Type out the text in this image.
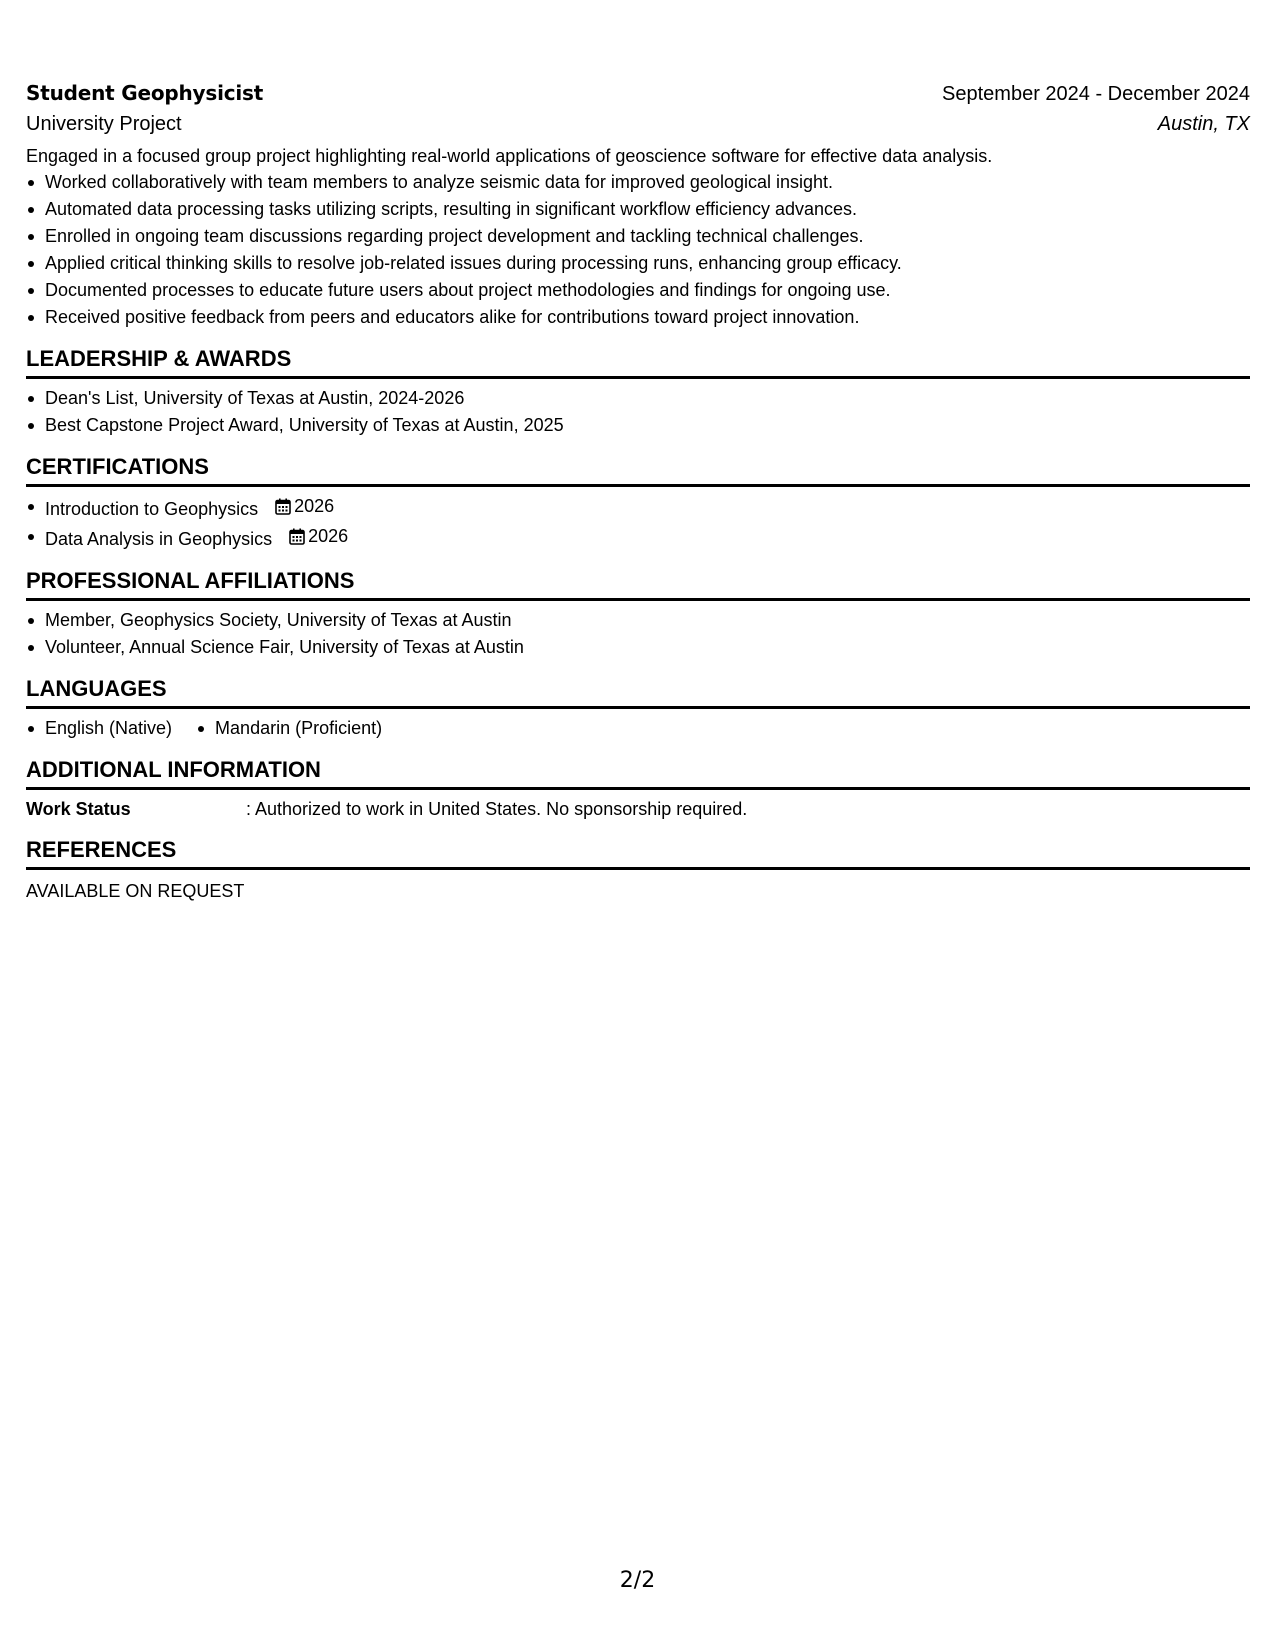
Student Geophysicist	September 2024 - December 2024
University Project	Austin, TX
Engaged in a focused group project highlighting real-world applications of geoscience software for effective data analysis.
Worked collaboratively with team members to analyze seismic data for improved geological insight.
Automated data processing tasks utilizing scripts, resulting in significant workflow efficiency advances.
Enrolled in ongoing team discussions regarding project development and tackling technical challenges.
Applied critical thinking skills to resolve job-related issues during processing runs, enhancing group efficacy.
Documented processes to educate future users about project methodologies and findings for ongoing use.
Received positive feedback from peers and educators alike for contributions toward project innovation.
LEADERSHIP & AWARDS
Dean's List, University of Texas at Austin, 2024-2026
Best Capstone Project Award, University of Texas at Austin, 2025
CERTIFICATIONS
Introduction to Geophysics 2026
Data Analysis in Geophysics 2026
PROFESSIONAL AFFILIATIONS
Member, Geophysics Society, University of Texas at Austin
Volunteer, Annual Science Fair, University of Texas at Austin
LANGUAGES
English (Native)	Mandarin (Proficient)
ADDITIONAL INFORMATION
Work Status	: Authorized to work in United States. No sponsorship required.
REFERENCES
AVAILABLE ON REQUEST
2/2
